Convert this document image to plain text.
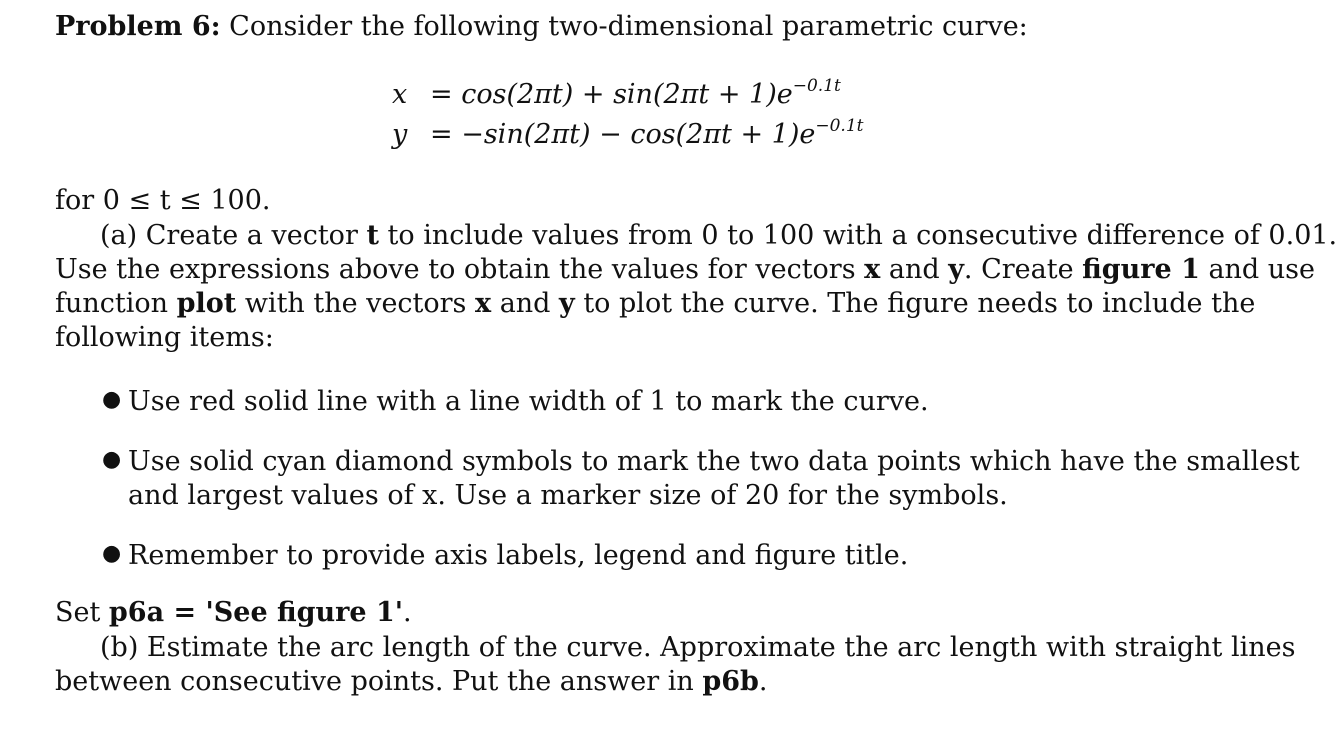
Problem 6: Consider the following two-dimensional parametric curve:
$x = \cos(2\pi t) + \sin(2\pi t + 1)e^{-0.1t}$
$y = -\sin(2\pi t) - \cos(2\pi t + 1)e^{-0.1t}$
for 0 ≤ t ≤ 100.
(a) Create a vector t to include values from 0 to 100 with a consecutive difference of 0.01.
Use the expressions above to obtain the values for vectors x and y. Create figure 1 and use
function plot with the vectors x and y to plot the curve. The figure needs to include the
following items:
● Use red solid line with a line width of 1 to mark the curve.
● Use solid cyan diamond symbols to mark the two data points which have the smallest
and largest values of x. Use a marker size of 20 for the symbols.
● Remember to provide axis labels, legend and figure title.
Set p6a = 'See figure 1'.
(b) Estimate the arc length of the curve. Approximate the arc length with straight lines
between consecutive points. Put the answer in p6b.
